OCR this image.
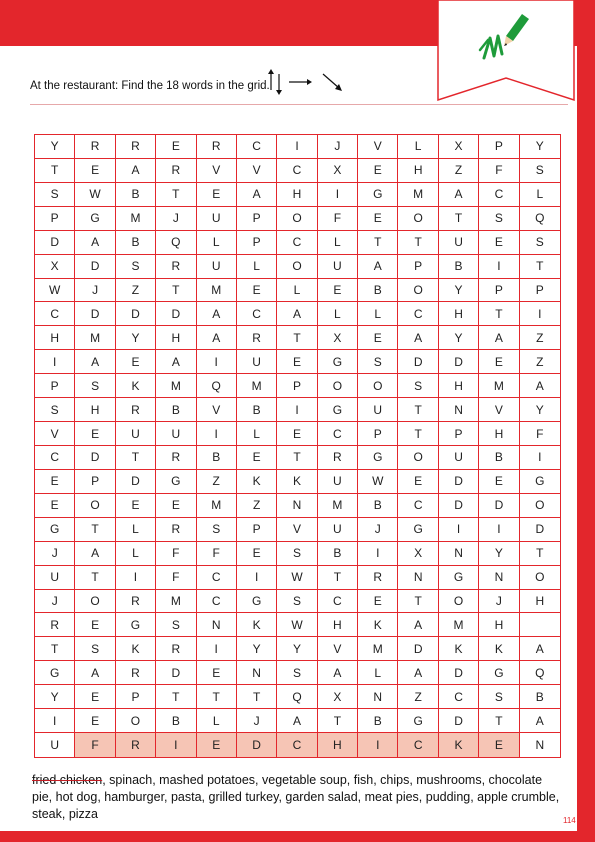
At the restaurant: Find the 18 words in the grid.
Y	R	R	E	R	C	I	J	V	L	X	P	Y
T	E	A	R	V	V	C	X	E	H	Z	F	S
S	W	B	T	E	A	H	I	G	M	A	C	L
P	G	M	J	U	P	O	F	E	O	T	S	Q
D	A	B	Q	L	P	C	L	T	T	U	E	S
X	D	S	R	U	L	O	U	A	P	B	I	T
W	J	Z	T	M	E	L	E	B	O	Y	P	P
C	D	D	D	A	C	A	L	L	C	H	T	I
H	M	Y	H	A	R	T	X	E	A	Y	A	Z
I	A	E	A	I	U	E	G	S	D	D	E	Z
P	S	K	M	Q	M	P	O	O	S	H	M	A
S	H	R	B	V	B	I	G	U	T	N	V	Y
V	E	U	U	I	L	E	C	P	T	P	H	F
C	D	T	R	B	E	T	R	G	O	U	B	I
E	P	D	G	Z	K	K	U	W	E	D	E	G
E	O	E	E	M	Z	N	M	B	C	D	D	O
G	T	L	R	S	P	V	U	J	G	I	I	D
J	A	L	F	F	E	S	B	I	X	N	Y	T
U	T	I	F	C	I	W	T	R	N	G	N	O
J	O	R	M	C	G	S	C	E	T	O	J	H
R	E	G	S	N	K	W	H	K	A	M	H
T	S	K	R	I	Y	Y	V	M	D	K	K	A
G	A	R	D	E	N	S	A	L	A	D	G	Q
Y	E	P	T	T	T	Q	X	N	Z	C	S	B
I	E	O	B	L	J	A	T	B	G	D	T	A
U	F	R	I	E	D	C	H	I	C	K	E	N
fried chicken, spinach, mashed potatoes, vegetable soup, fish, chips, mushrooms, chocolate pie, hot dog, hamburger, pasta, grilled turkey, garden salad, meat pies, pudding, apple crumble, steak, pizza	114
